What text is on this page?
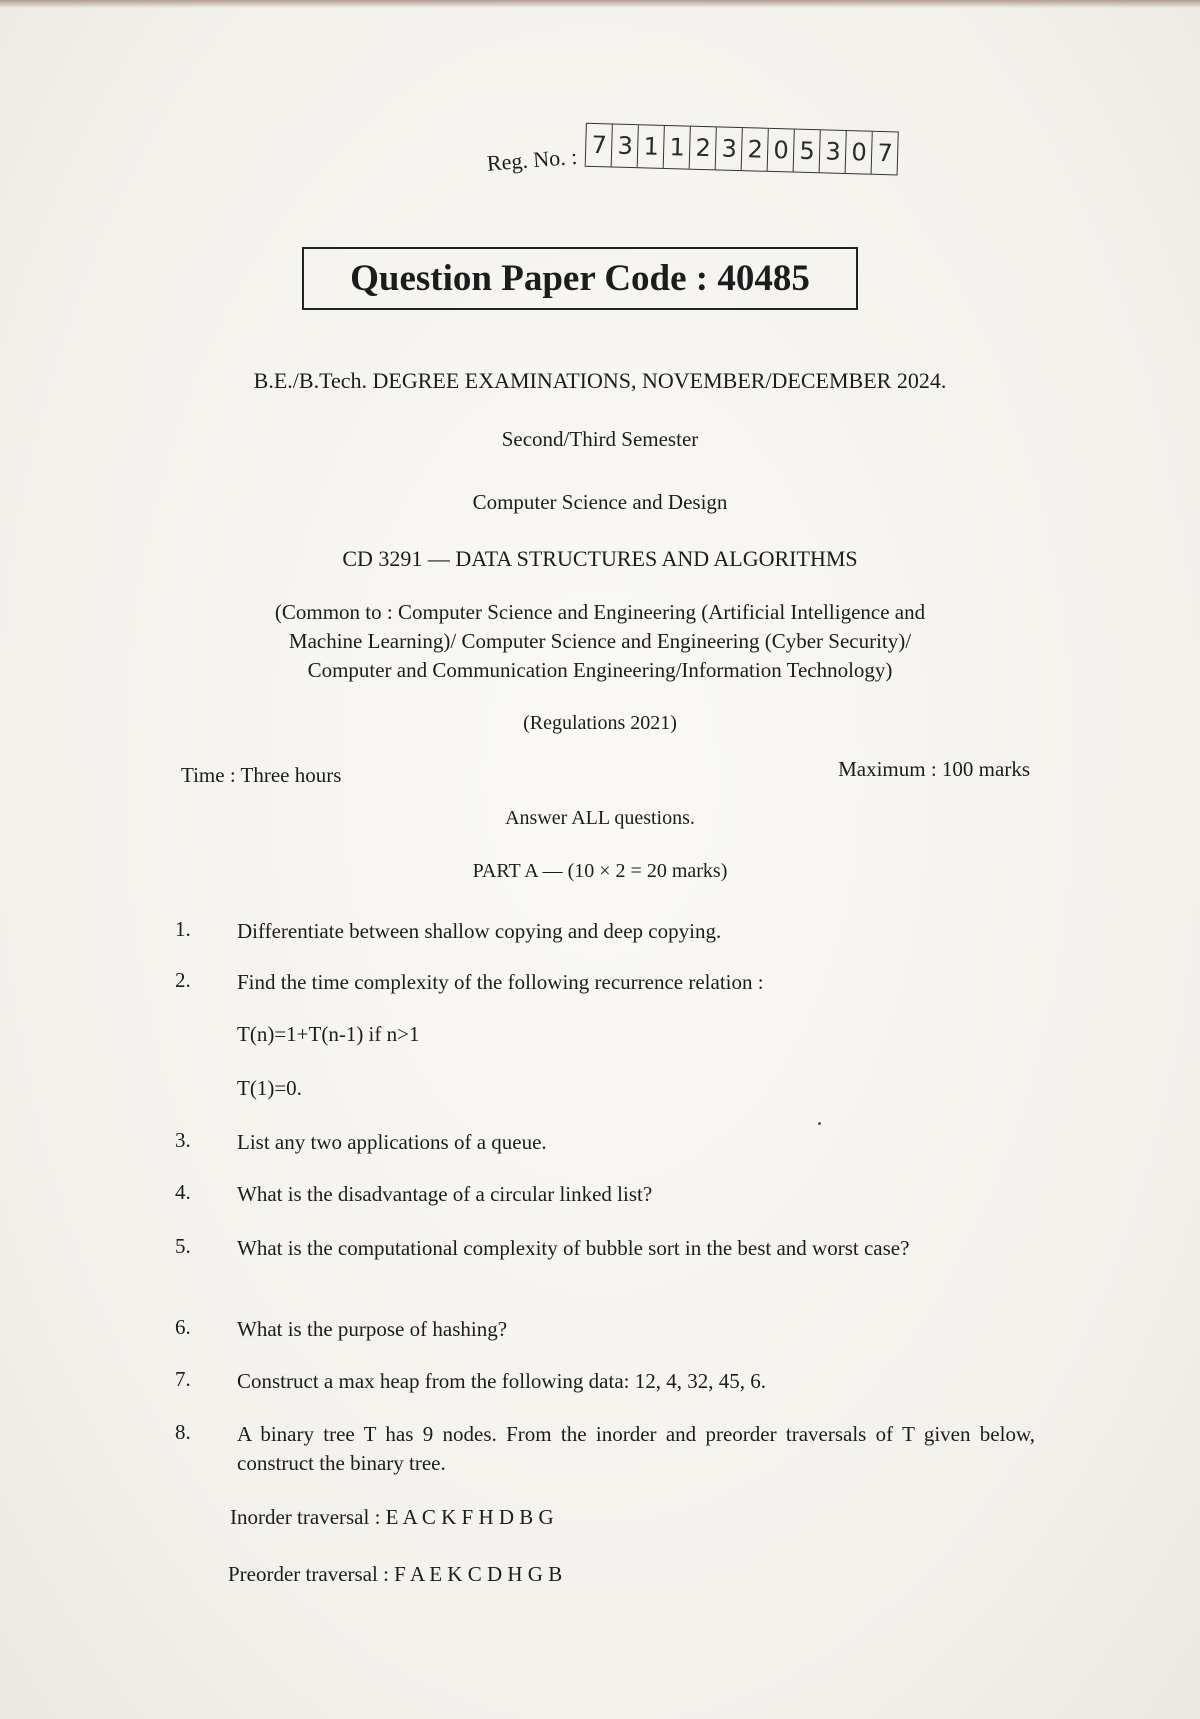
Reg. No. : 7 3 1 1 2 3 2 0 5 3 0 7
Question Paper Code : 40485
B.E./B.Tech. DEGREE EXAMINATIONS, NOVEMBER/DECEMBER 2024.
Second/Third Semester
Computer Science and Design
CD 3291 — DATA STRUCTURES AND ALGORITHMS
(Common to : Computer Science and Engineering (Artificial Intelligence and
Machine Learning)/ Computer Science and Engineering (Cyber Security)/
Computer and Communication Engineering/Information Technology)
(Regulations 2021)
Time : Three hours	Maximum : 100 marks
Answer ALL questions.
PART A — (10 × 2 = 20 marks)
1.	Differentiate between shallow copying and deep copying.
2.	Find the time complexity of the following recurrence relation :
T(n)=1+T(n-1) if n>1
T(1)=0.
3.	List any two applications of a queue.
4.	What is the disadvantage of a circular linked list?
5.	What is the computational complexity of bubble sort in the best and worst case?
6.	What is the purpose of hashing?
7.	Construct a max heap from the following data: 12, 4, 32, 45, 6.
8.	A binary tree T has 9 nodes. From the inorder and preorder traversals of T given below, construct the binary tree.
Inorder traversal : E A C K F H D B G
Preorder traversal : F A E K C D H G B
